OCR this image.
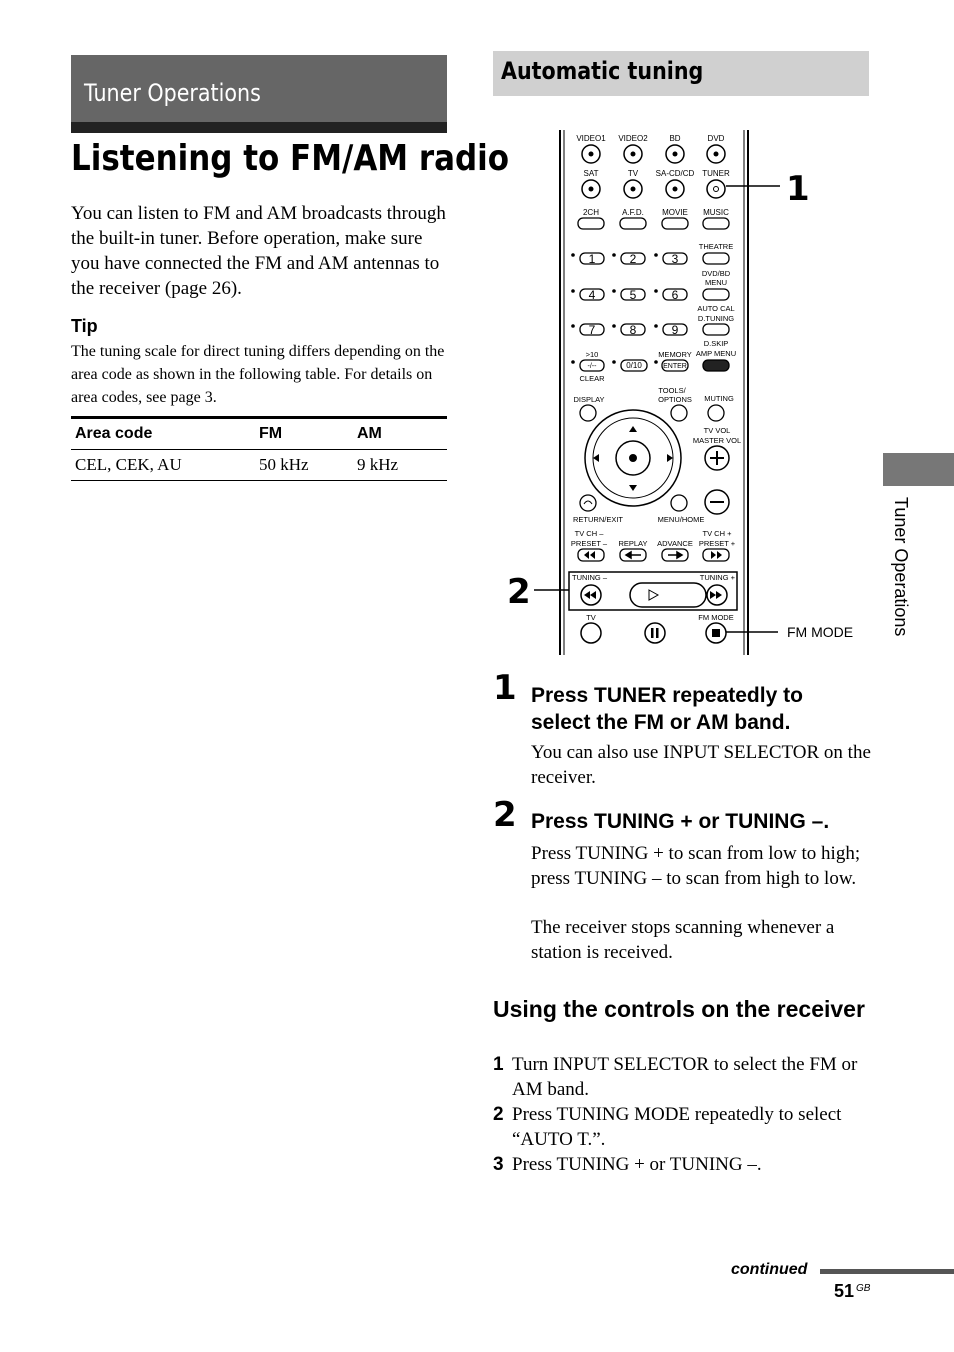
Tuner Operations
Listening to FM/AM radio
You can listen to FM and AM broadcasts through the built-in tuner. Before operation, make sure you have connected the FM and AM antennas to the receiver (page 26).
Tip
The tuning scale for direct tuning differs depending on the area code as shown in the following table. For details on area codes, see page 3.
Area code	FM	AM
CEL, CEK, AU	50 kHz	9 kHz
Automatic tuning
VIDEO1 VIDEO2	BD	DVD
SAT	TV SA-CD/CD TUNER
2CH	A.F.D. MOVIE MUSIC
1	2	3
4	5	6
7	8	9
THEATRE
DVD/BD
MENU
AUTO CAL
D.TUNING
D.SKIP
AMP MENU
>10
-/--
CLEAR
0/10
MEMORY
ENTER
TOOLS/
OPTIONS
DISPLAY	MUTING
TV VOL
MASTER VOL
RETURN/EXIT	MENU/HOME
TV CH –
PRESET – REPLAY ADVANCE
TV CH +
PRESET +
TUNING –	TUNING +
TV	FM MODE
1
2
FM MODE
1 Press TUNER repeatedly to select the FM or AM band.
You can also use INPUT SELECTOR on the receiver.
2 Press TUNING + or TUNING –.
Press TUNING + to scan from low to high; press TUNING – to scan from high to low.
The receiver stops scanning whenever a station is received.
Using the controls on the receiver
1 Turn INPUT SELECTOR to select the FM or AM band.
2 Press TUNING MODE repeatedly to select “AUTO T.”.
3 Press TUNING + or TUNING –.
Tuner Operations
continued
51 GB
